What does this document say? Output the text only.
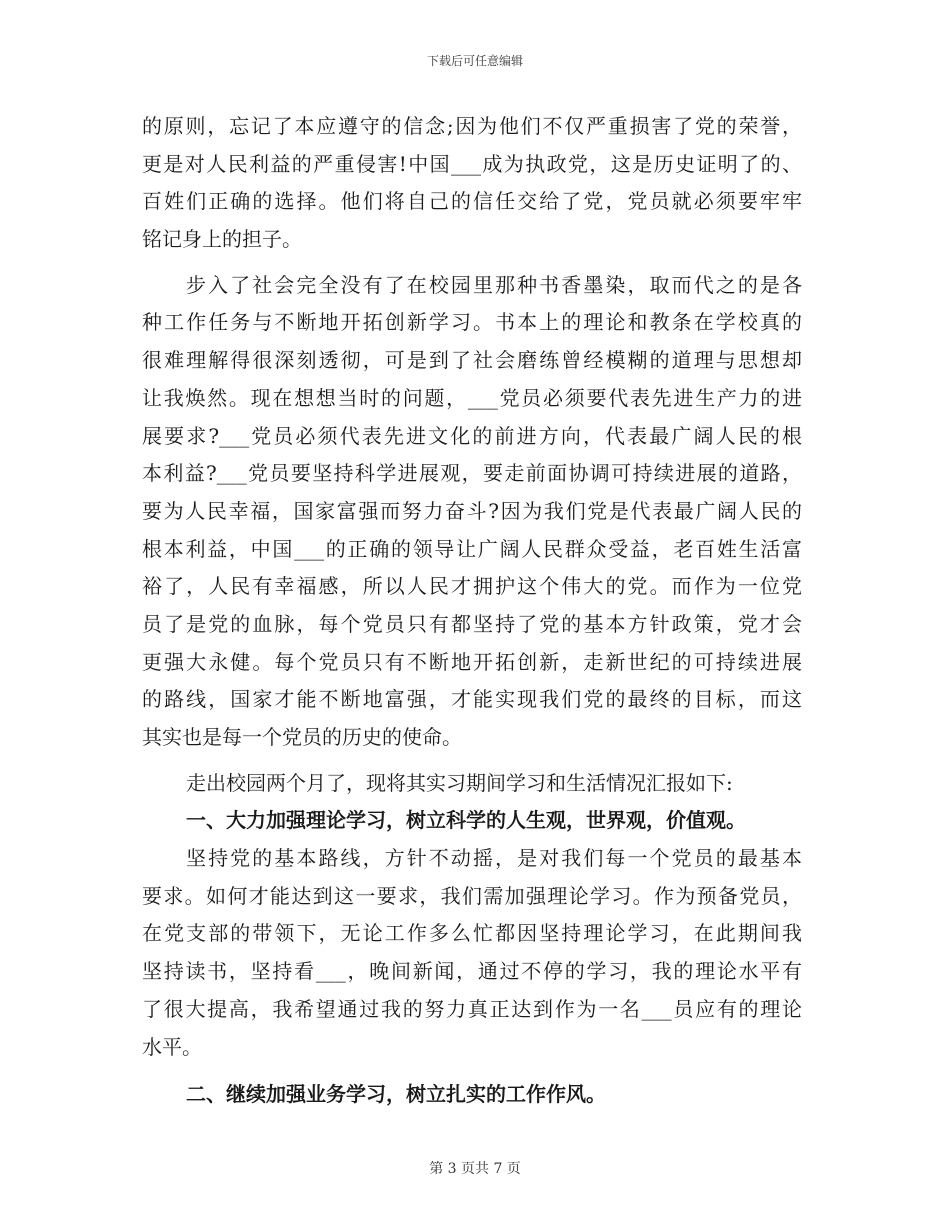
下载后可任意编辑
的原则，忘记了本应遵守的信念;因为他们不仅严重损害了党的荣誉，
更是对人民利益的严重侵害!中国___成为执政党，这是历史证明了的、
百姓们正确的选择。他们将自己的信任交给了党，党员就必须要牢牢
铭记身上的担子。
步入了社会完全没有了在校园里那种书香墨染，取而代之的是各
种工作任务与不断地开拓创新学习。书本上的理论和教条在学校真的
很难理解得很深刻透彻，可是到了社会磨练曾经模糊的道理与思想却
让我焕然。现在想想当时的问题，___党员必须要代表先进生产力的进
展要求?___党员必须代表先进文化的前进方向，代表最广阔人民的根
本利益?___党员要坚持科学进展观，要走前面协调可持续进展的道路，
要为人民幸福，国家富强而努力奋斗?因为我们党是代表最广阔人民的
根本利益，中国___的正确的领导让广阔人民群众受益，老百姓生活富
裕了，人民有幸福感，所以人民才拥护这个伟大的党。而作为一位党
员了是党的血脉，每个党员只有都坚持了党的基本方针政策，党才会
更强大永健。每个党员只有不断地开拓创新，走新世纪的可持续进展
的路线，国家才能不断地富强，才能实现我们党的最终的目标，而这
其实也是每一个党员的历史的使命。
走出校园两个月了，现将其实习期间学习和生活情况汇报如下:
一、大力加强理论学习，树立科学的人生观，世界观，价值观。
坚持党的基本路线，方针不动摇，是对我们每一个党员的最基本
要求。如何才能达到这一要求，我们需加强理论学习。作为预备党员，
在党支部的带领下，无论工作多么忙都因坚持理论学习，在此期间我
坚持读书，坚持看___，晚间新闻，通过不停的学习，我的理论水平有
了很大提高，我希望通过我的努力真正达到作为一名___员应有的理论
水平。
二、继续加强业务学习，树立扎实的工作作风。
第 3 页共 7 页
